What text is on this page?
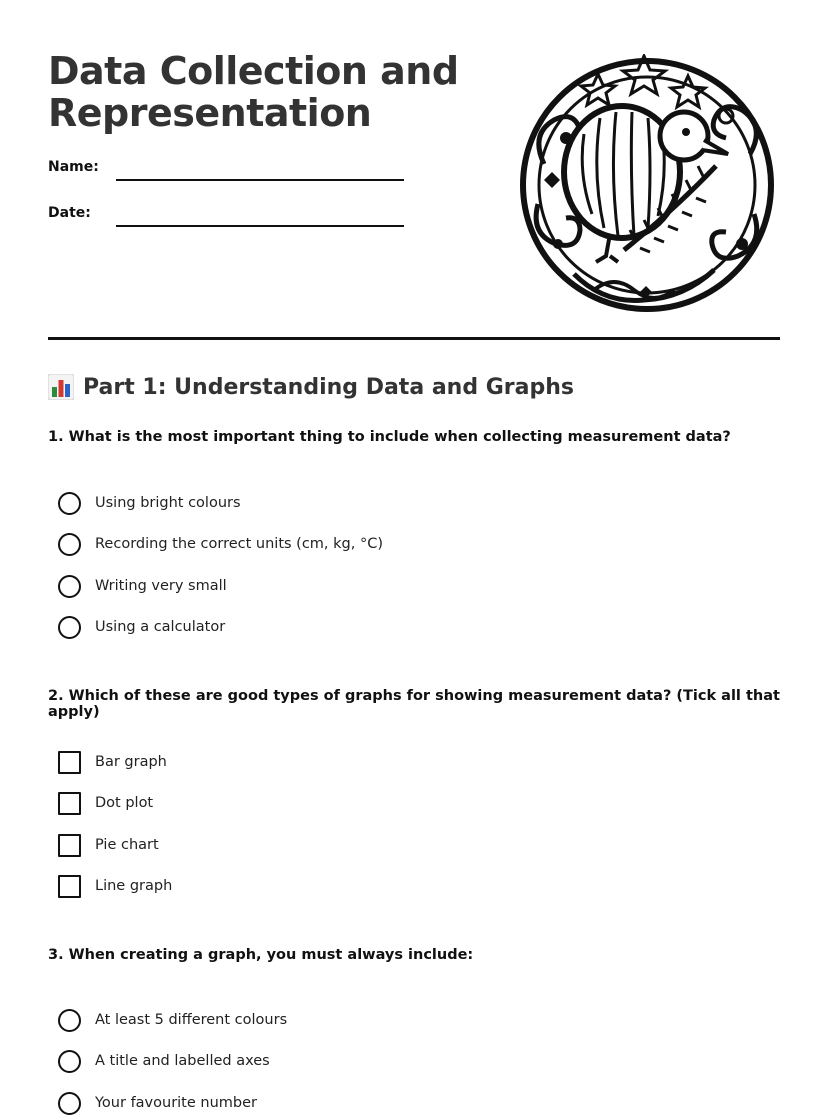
Data Collection and
Representation
Name:
Date:
Part 1: Understanding Data and Graphs
1. What is the most important thing to include when collecting measurement data?
Using bright colours
Recording the correct units (cm, kg, °C)
Writing very small
Using a calculator
2. Which of these are good types of graphs for showing measurement data? (Tick all that apply)
Bar graph
Dot plot
Pie chart
Line graph
3. When creating a graph, you must always include:
At least 5 different colours
A title and labelled axes
Your favourite number
